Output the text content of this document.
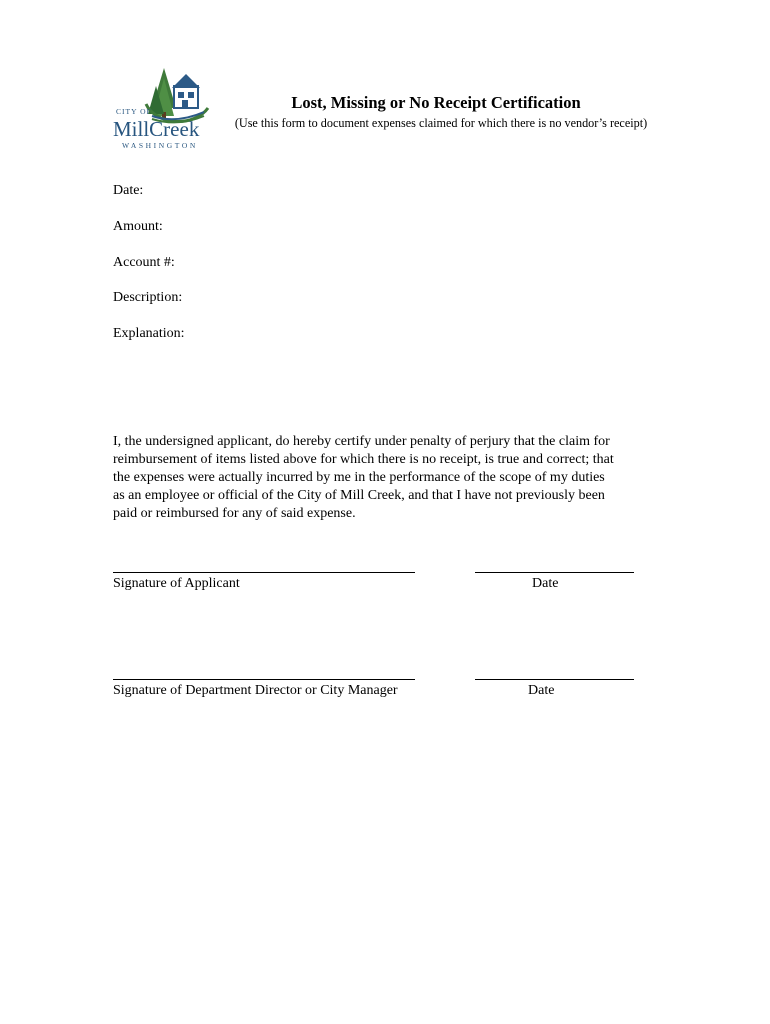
CITY OF
MillCreek
WASHINGTON
Lost, Missing or No Receipt Certification
(Use this form to document expenses claimed for which there is no vendor’s receipt)
Date:
Amount:
Account #:
Description:
Explanation:
I, the undersigned applicant, do hereby certify under penalty of perjury that the claim for
reimbursement of items listed above for which there is no receipt, is true and correct; that
the expenses were actually incurred by me in the performance of the scope of my duties
as an employee or official of the City of Mill Creek, and that I have not previously been
paid or reimbursed for any of said expense.
Signature of Applicant	Date
Signature of Department Director or City Manager	Date
